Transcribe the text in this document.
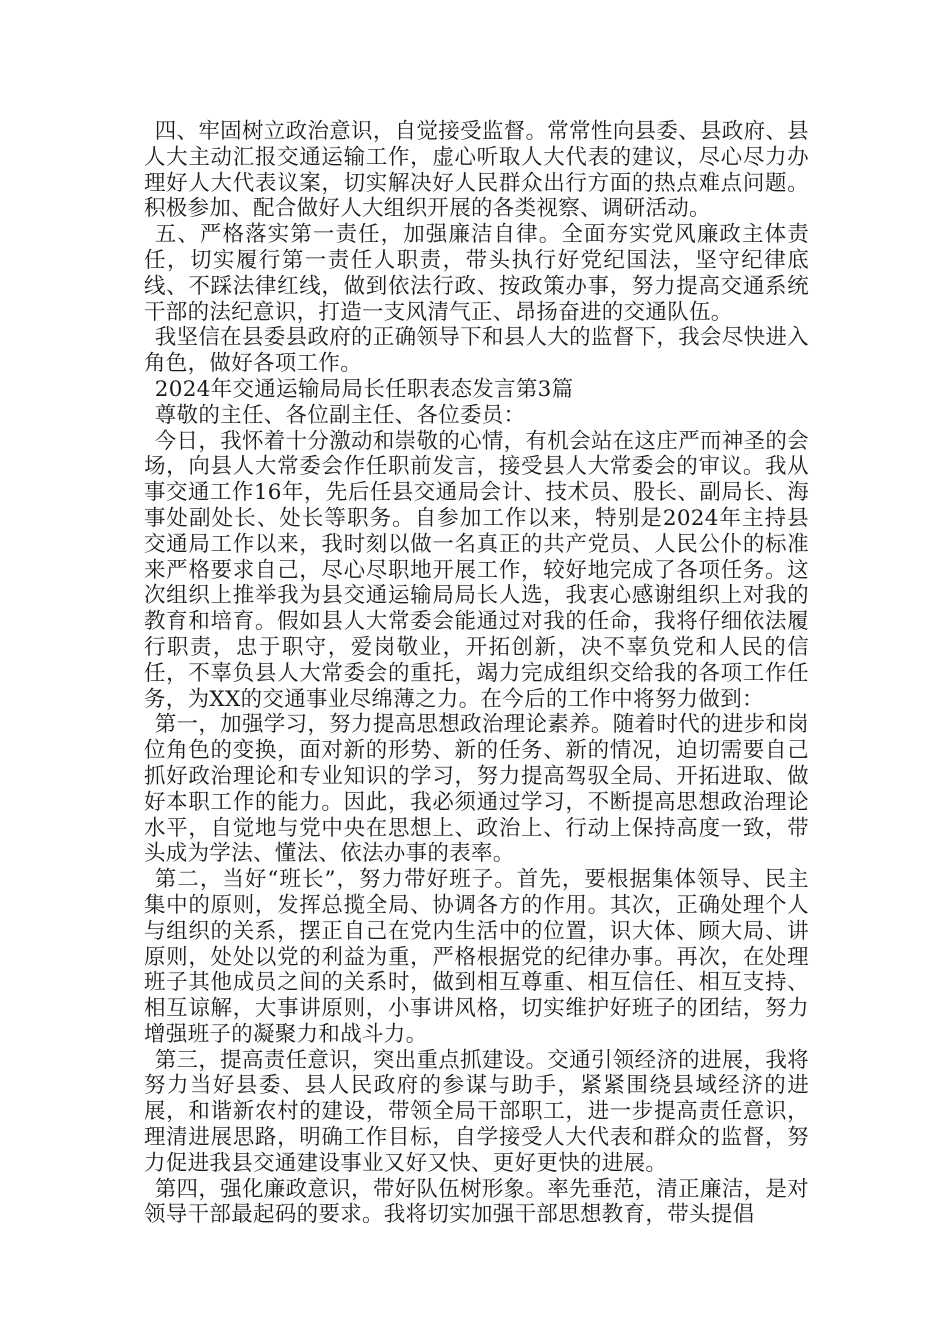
四、牢固树立政治意识，自觉接受监督。常常性向县委、县政府、县人大主动汇报交通运输工作，虚心听取人大代表的建议，尽心尽力办理好人大代表议案，切实解决好人民群众出行方面的热点难点问题。积极参加、配合做好人大组织开展的各类视察、调研活动。

五、严格落实第一责任，加强廉洁自律。全面夯实党风廉政主体责任，切实履行第一责任人职责，带头执行好党纪国法，坚守纪律底线、不踩法律红线，做到依法行政、按政策办事，努力提高交通系统干部的法纪意识，打造一支风清气正、昂扬奋进的交通队伍。

我坚信在县委县政府的正确领导下和县人大的监督下，我会尽快进入角色，做好各项工作。

2024年交通运输局局长任职表态发言第3篇

尊敬的主任、各位副主任、各位委员：

今日，我怀着十分激动和崇敬的心情，有机会站在这庄严而神圣的会场，向县人大常委会作任职前发言，接受县人大常委会的审议。我从事交通工作16年，先后任县交通局会计、技术员、股长、副局长、海事处副处长、处长等职务。自参加工作以来，特别是2024年主持县交通局工作以来，我时刻以做一名真正的共产党员、人民公仆的标准来严格要求自己，尽心尽职地开展工作，较好地完成了各项任务。这次组织上推举我为县交通运输局局长人选，我衷心感谢组织上对我的教育和培育。假如县人大常委会能通过对我的任命，我将仔细依法履行职责，忠于职守，爱岗敬业，开拓创新，决不辜负党和人民的信任，不辜负县人大常委会的重托，竭力完成组织交给我的各项工作任务，为XX的交通事业尽绵薄之力。在今后的工作中将努力做到：

第一，加强学习，努力提高思想政治理论素养。随着时代的进步和岗位角色的变换，面对新的形势、新的任务、新的情况，迫切需要自己抓好政治理论和专业知识的学习，努力提高驾驭全局、开拓进取、做好本职工作的能力。因此，我必须通过学习，不断提高思想政治理论水平，自觉地与党中央在思想上、政治上、行动上保持高度一致，带头成为学法、懂法、依法办事的表率。

第二，当好“班长”，努力带好班子。首先，要根据集体领导、民主集中的原则，发挥总揽全局、协调各方的作用。其次，正确处理个人与组织的关系，摆正自己在党内生活中的位置，识大体、顾大局、讲原则，处处以党的利益为重，严格根据党的纪律办事。再次，在处理班子其他成员之间的关系时，做到相互尊重、相互信任、相互支持、相互谅解，大事讲原则，小事讲风格，切实维护好班子的团结，努力增强班子的凝聚力和战斗力。

第三，提高责任意识，突出重点抓建设。交通引领经济的进展，我将努力当好县委、县人民政府的参谋与助手，紧紧围绕县域经济的进展，和谐新农村的建设，带领全局干部职工，进一步提高责任意识，理清进展思路，明确工作目标，自学接受人大代表和群众的监督，努力促进我县交通建设事业又好又快、更好更快的进展。

第四，强化廉政意识，带好队伍树形象。率先垂范，清正廉洁，是对领导干部最起码的要求。我将切实加强干部思想教育，带头提倡
